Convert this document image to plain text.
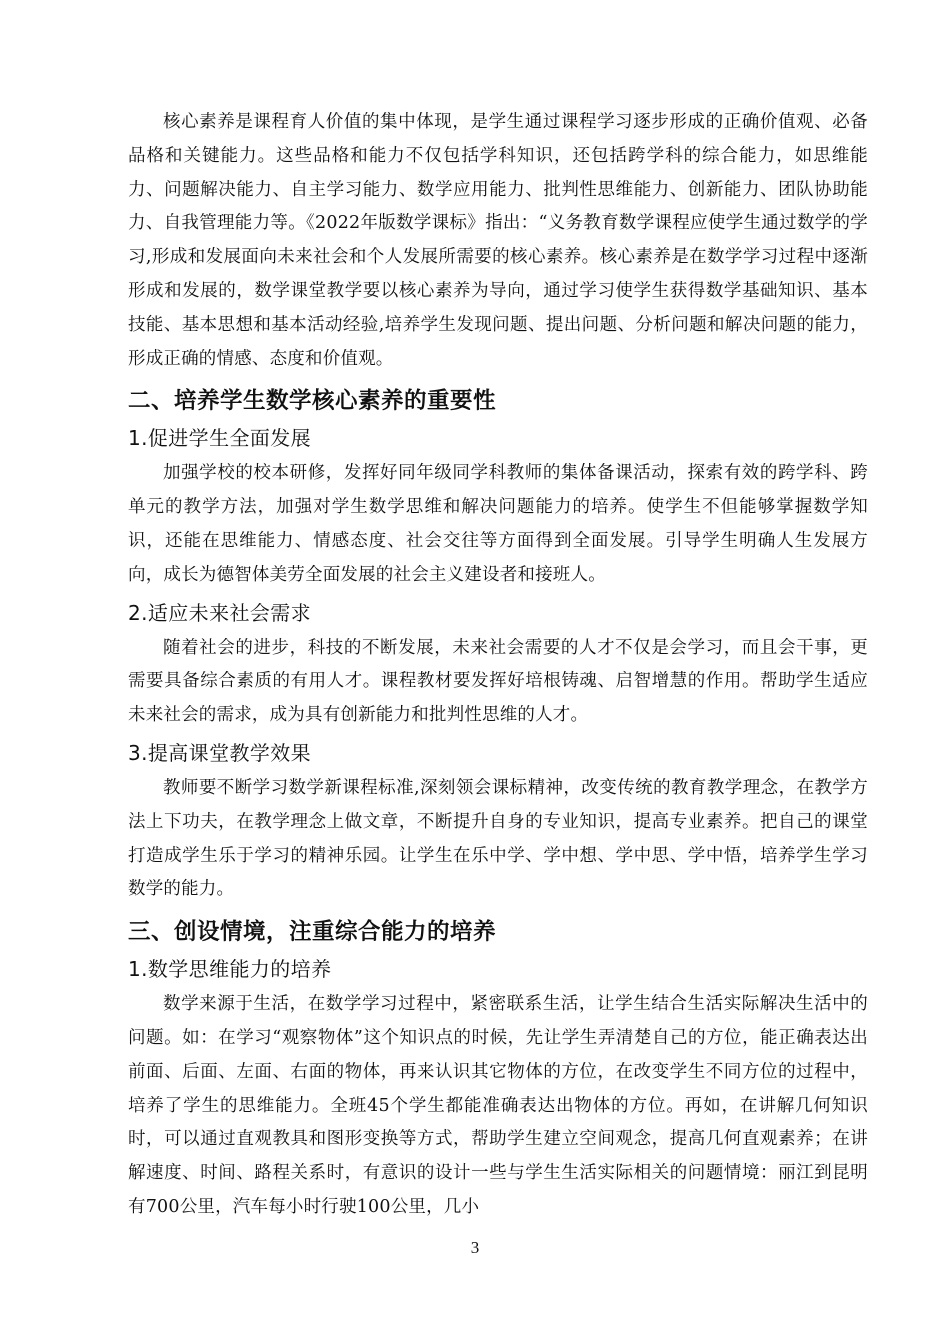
核心素养是课程育人价值的集中体现，是学生通过课程学习逐步形成的正确价值观、必备品格和关键能力。这些品格和能力不仅包括学科知识，还包括跨学科的综合能力，如思维能力、问题解决能力、自主学习能力、数学应用能力、批判性思维能力、创新能力、团队协助能力、自我管理能力等。《2022年版数学课标》指出：“义务教育数学课程应使学生通过数学的学习,形成和发展面向未来社会和个人发展所需要的核心素养。核心素养是在数学学习过程中逐渐形成和发展的，数学课堂教学要以核心素养为导向，通过学习使学生获得数学基础知识、基本技能、基本思想和基本活动经验,培养学生发现问题、提出问题、分析问题和解决问题的能力，形成正确的情感、态度和价值观。

二、培养学生数学核心素养的重要性
1.促进学生全面发展

加强学校的校本研修，发挥好同年级同学科教师的集体备课活动，探索有效的跨学科、跨单元的教学方法，加强对学生数学思维和解决问题能力的培养。使学生不但能够掌握数学知识，还能在思维能力、情感态度、社会交往等方面得到全面发展。引导学生明确人生发展方向，成长为德智体美劳全面发展的社会主义建设者和接班人。

2.适应未来社会需求

随着社会的进步，科技的不断发展，未来社会需要的人才不仅是会学习，而且会干事，更需要具备综合素质的有用人才。课程教材要发挥好培根铸魂、启智增慧的作用。帮助学生适应未来社会的需求，成为具有创新能力和批判性思维的人才。

3.提高课堂教学效果

教师要不断学习数学新课程标准,深刻领会课标精神，改变传统的教育教学理念，在教学方法上下功夫，在教学理念上做文章，不断提升自身的专业知识，提高专业素养。把自己的课堂打造成学生乐于学习的精神乐园。让学生在乐中学、学中想、学中思、学中悟，培养学生学习数学的能力。

三、创设情境，注重综合能力的培养
1.数学思维能力的培养

数学来源于生活，在数学学习过程中，紧密联系生活，让学生结合生活实际解决生活中的问题。如：在学习“观察物体”这个知识点的时候，先让学生弄清楚自己的方位，能正确表达出前面、后面、左面、右面的物体，再来认识其它物体的方位，在改变学生不同方位的过程中，培养了学生的思维能力。全班45个学生都能准确表达出物体的方位。再如，在讲解几何知识时，可以通过直观教具和图形变换等方式，帮助学生建立空间观念，提高几何直观素养；在讲解速度、时间、路程关系时，有意识的设计一些与学生生活实际相关的问题情境：丽江到昆明有700公里，汽车每小时行驶100公里，几小

3
